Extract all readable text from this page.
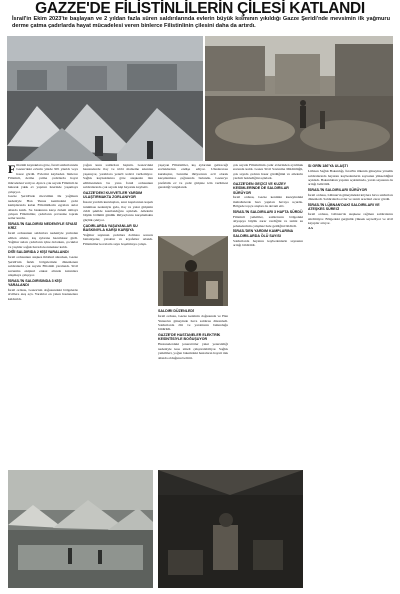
GAZZE'DE FİLİSTİNLİLERİN ÇİLESİ KATLANDI
İsrail'in Ekim 2023'te başlayan ve 2 yıldan fazla süren saldırılarında evlerin büyük kısmının yıkıldığı Gazze Şeridi'nde mevsimin ilk yağmuru derme çatma çadırlarda hayat mücadelesi veren binlerce Filistinlinin çilesini daha da artırdı.

Filistinli kaynaklara göre, İsrail saldırılarında Gazze'deki evlerin yüzde 90'ı yıkıldı veya hasar gördü. Evlerini kaybeden binlerce Filistinli, derme çatma çadırlarda hayat mücadelesi veriyor. Ayrıca çok sayıda Filistinli de hakarık yıkık ev yapıları üzerinde yaşamaya çalışıyor.

Gazze Şeridi'nde mevsimin ilk yağmuru nedeniyle Han Yunus kentindeki çadır kamplarında kalan Filistinlilerin eşyaları sular altında kaldı. Su baskınına karşı önlem almaya çalışan Filistinliler, çadırların çevresine toprak setler kurdu.

İSRAİL'İN SALDIRISI NEDENİYLE SİYASİ KRİZ

İsrail ordusunun saldırıları nedeniyle yerinden edilen aileler, kış aylarına hazırlıksız girdi. Yağmur suları çadırların içine dolarken, çocuklar ve yaşlılar soğuk havada korunaksız kaldı.

DİĞİ SALDIRIDA 2 KİŞİ YARALANDI

İsrail ordusunun ateşkes ihlalleri sürerken, Gazze Şeridi'nin farklı bölgelerinde düzenlenen saldırılarda çok sayıda Filistinli yaralandı. Sivil savunma ekipleri enkaz altında kalanlara ulaşmaya çalışıyor.

İSRAİL'İN SALDIRISINDA 3 KİŞİ YARALANDI

İsrail ordusu, Gazze'nin doğusundaki bölgelerde sivillere ateş açtı. Yaralılar en yakın hastanelere kaldırıldı.

yoğun kuru saldırıları başlattı. Gazze'deki hastanelerde ilaç ve tıbbi malzeme sıkıntısı yaşanıyor, yaralılara yeterli tedavi verilemiyor. Sağlık kaynaklarına göre ateşkesin ilan edilmesinden bu yana İsrail ordusunun saldırılarında çok sayıda kişi hayatını kaybetti.

GAZZE'DEKİ KUVVETLER YARDIM ULAŞTIRMAKTA ZORLANIYOR

İnsani yardım kuruluşları, sınır kapılarının kapalı tutulması nedeniyle gıda, ilaç ve yakıt girişinin ciddi şekilde kısıtlandığını açıkladı. Ailelerin büyük bölümü günlük ihtiyaçlarını karşılamakta güçlük çekiyor.

ÇADIRLARDA YAŞAYANLAR SU BASKINIYLA KARŞI KARŞIYA

Yağmur suyunun çadırlara dolması sonucu battaniyeler, yataklar ve kıyafetler ıslandı. Filistinliler kovalarla suyu boşaltmaya çalıştı.

yaşayan Filistinliler, kış aylarının getireceği zorluklardan endişe ediyor. Uluslararası kuruluşlar, barınma ihtiyacının acil olarak karşılanması çağrısında bulundu. Gazze'ye prefabrik ev ve çadır girişine izin verilmesi gerektiği vurgulandı.

SALDIRI DÜZENLEDİ

İsrail ordusu, Gazze kentinin doğusunda ve Han Yunus'un güneyinde hava saldırısı düzenledi. Saldırılarda ölü ve yaralıların bulunduğu bildirildi.

GAZZE'DE HASTANELER ELEKTRİK KESİNTİSİYLE BOĞUŞUYOR

Hastanelerdeki jeneratörler yakıt yetersizliği nedeniyle kısa süreli çalıştırılabiliyor. Sağlık yetkilileri, yoğun bakımdaki hastaların hayati risk altında olduğunu belirtti.

çok sayıda Filistinlinin çadır evlerinden ayrılmak zorunda kaldı. Gazze Sivil Savunma Müdürlüğü, çok sayıda çadırın hasar gördüğünü ve ailelerin yardım beklediğini açıkladı.

GAZZE'DEN GEÇİCİ VE KUZEY KESİMLERİNDE DE SALDIRILAR SÜRÜYOR

İsrail ordusu, Gazze kentinin kuzeyindeki mahallelerde bazı yapıları havaya uçurdu. Bölgede topçu atışları da devam etti.

İSRAİL'İN SALDIRILARI 3 HAFTA SÜRDÜ

Filistinli yetkililer, saldırıların bölgedeki altyapıya büyük zarar verdiğini ve temiz su şebekelerinin çalışmaz hale geldiğini bildirdi.

İSRAİL'DEN YARDIM KAMPLARINA SALDIRILARDA ÖLÜ SAYISI

Saldırılarda hayatını kaybedenlerin sayısının arttığı bildirildi.

SI GRİN 186'YA ULAŞTI

Lübnan Sağlık Bakanlığı, İsrail'in ülkenin güneyine yönelik saldırılarında hayatını kaybedenlerin sayısının yükseldiğini açıkladı. Bakanlıktan yapılan açıklamada, yaralı sayısının da arttığı belirtildi.

İSRAİL'İN SALDIRILARI SÜRÜYOR

İsrail ordusu, Lübnan'ın güneyindeki köylere hava saldırıları düzenledi. Saldırılarda evler ve tarım arazileri zarar gördü.

İSRAİL'İN LÜBNAN'DAKİ SALDIRILARI VE ATEŞKES SÜRECİ

İsrail ordusu, Lübnan'da ateşkese rağmen saldırılarını sürdürüyor. Bölgedeki gerginlik yüksek seyrediyor ve sivil kayıplar artıyor.

AA
